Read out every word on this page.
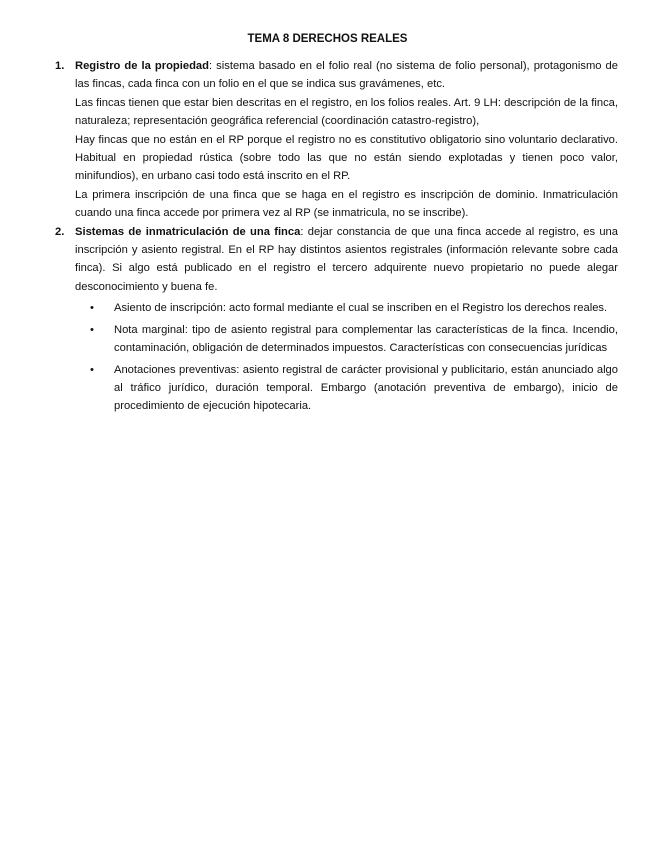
TEMA 8 DERECHOS REALES
1. Registro de la propiedad: sistema basado en el folio real (no sistema de folio personal), protagonismo de las fincas, cada finca con un folio en el que se indica sus gravámenes, etc.

Las fincas tienen que estar bien descritas en el registro, en los folios reales. Art. 9 LH: descripción de la finca, naturaleza; representación geográfica referencial (coordinación catastro-registro),

Hay fincas que no están en el RP porque el registro no es constitutivo obligatorio sino voluntario declarativo. Habitual en propiedad rústica (sobre todo las que no están siendo explotadas y tienen poco valor, minifundios), en urbano casi todo está inscrito en el RP.

La primera inscripción de una finca que se haga en el registro es inscripción de dominio. Inmatriculación cuando una finca accede por primera vez al RP (se inmatricula, no se inscribe).

2. Sistemas de inmatriculación de una finca: dejar constancia de que una finca accede al registro, es una inscripción y asiento registral. En el RP hay distintos asientos registrales (información relevante sobre cada finca). Si algo está publicado en el registro el tercero adquirente nuevo propietario no puede alegar desconocimiento y buena fe.

• Asiento de inscripción: acto formal mediante el cual se inscriben en el Registro los derechos reales.
• Nota marginal: tipo de asiento registral para complementar las características de la finca. Incendio, contaminación, obligación de determinados impuestos. Características con consecuencias jurídicas
• Anotaciones preventivas: asiento registral de carácter provisional y publicitario, están anunciado algo al tráfico jurídico, duración temporal. Embargo (anotación preventiva de embargo), inicio de procedimiento de ejecución hipotecaria.
